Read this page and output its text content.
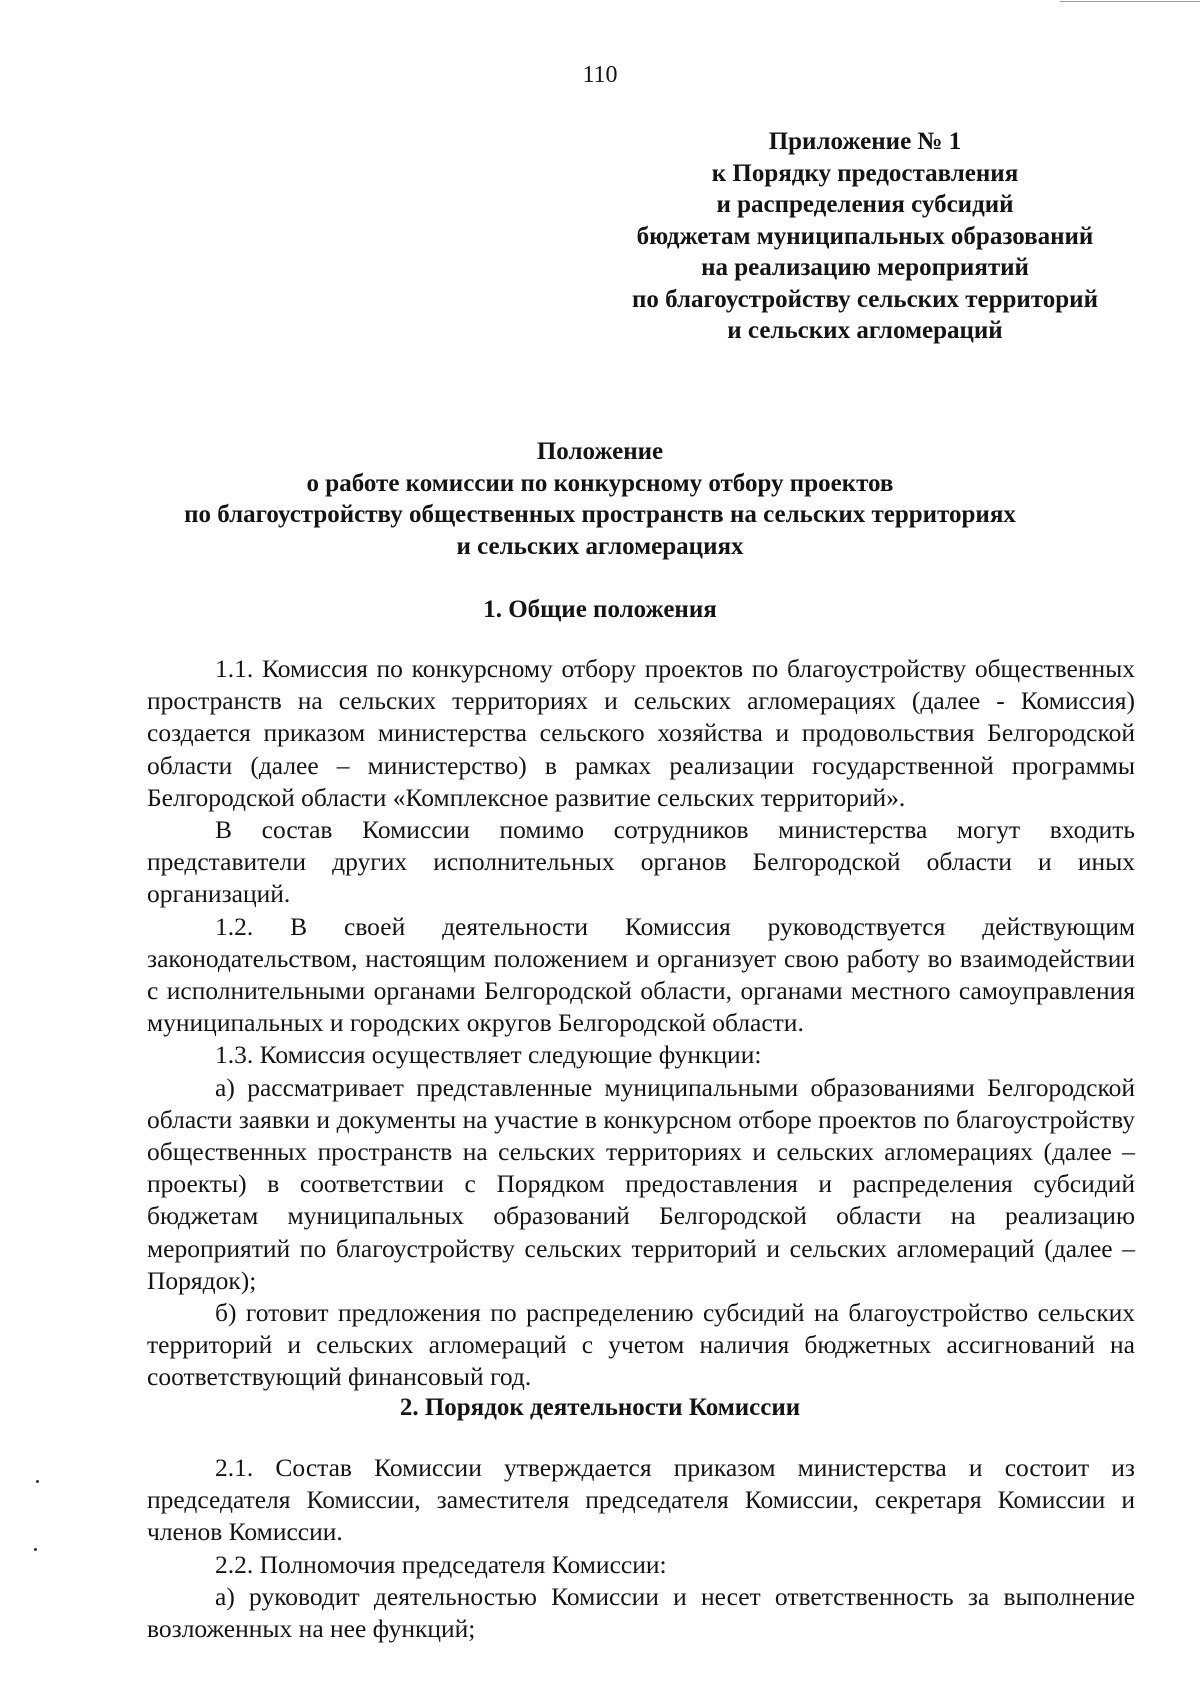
110
Приложение № 1
к Порядку предоставления
и распределения субсидий
бюджетам муниципальных образований
на реализацию мероприятий
по благоустройству сельских территорий
и сельских агломераций
Положение
о работе комиссии по конкурсному отбору проектов
по благоустройству общественных пространств на сельских территориях
и сельских агломерациях
1. Общие положения

1.1. Комиссия по конкурсному отбору проектов по благоустройству общественных пространств на сельских территориях и сельских агломерациях (далее - Комиссия) создается приказом министерства сельского хозяйства и продовольствия Белгородской области (далее – министерство) в рамках реализации государственной программы Белгородской области «Комплексное развитие сельских территорий».

В состав Комиссии помимо сотрудников министерства могут входить представители других исполнительных органов Белгородской области и иных организаций.

1.2. В своей деятельности Комиссия руководствуется действующим законодательством, настоящим положением и организует свою работу во взаимодействии с исполнительными органами Белгородской области, органами местного самоуправления муниципальных и городских округов Белгородской области.

1.3. Комиссия осуществляет следующие функции:

а) рассматривает представленные муниципальными образованиями Белгородской области заявки и документы на участие в конкурсном отборе проектов по благоустройству общественных пространств на сельских территориях и сельских агломерациях (далее – проекты) в соответствии с Порядком предоставления и распределения субсидий бюджетам муниципальных образований Белгородской области на реализацию мероприятий по благоустройству сельских территорий и сельских агломераций (далее – Порядок);

б) готовит предложения по распределению субсидий на благоустройство сельских территорий и сельских агломераций с учетом наличия бюджетных ассигнований на соответствующий финансовый год.

2. Порядок деятельности Комиссии

2.1. Состав Комиссии утверждается приказом министерства и состоит из председателя Комиссии, заместителя председателя Комиссии, секретаря Комиссии и членов Комиссии.

2.2. Полномочия председателя Комиссии:

а) руководит деятельностью Комиссии и несет ответственность за выполнение возложенных на нее функций;
